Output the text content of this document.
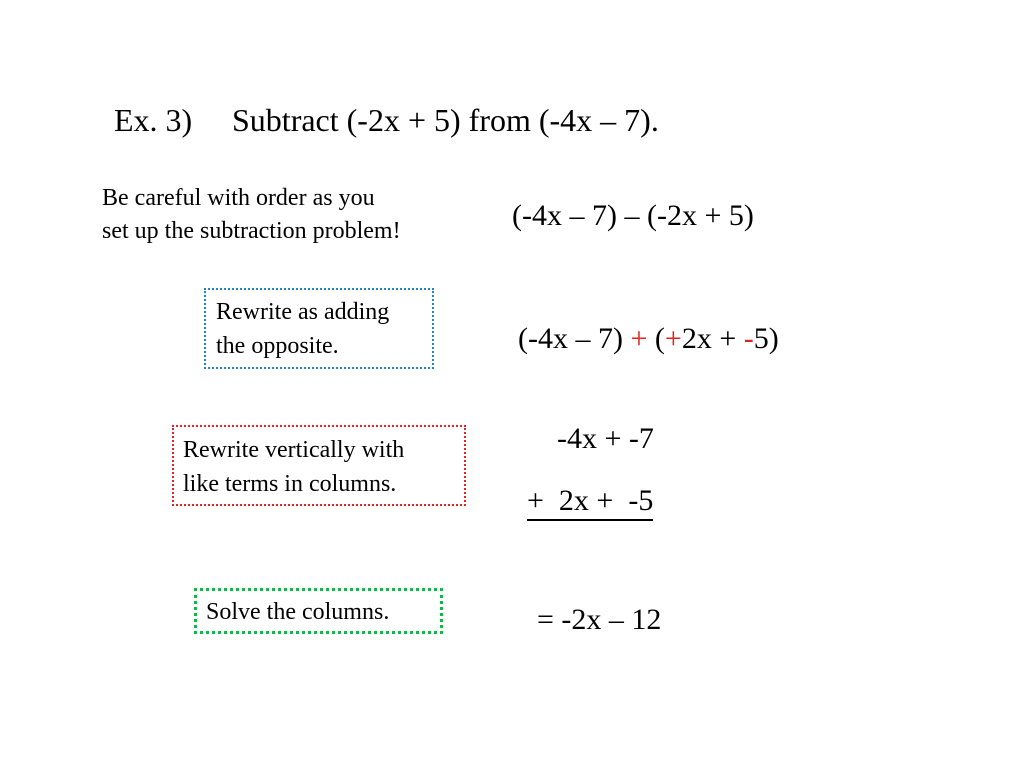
Ex. 3) Subtract (-2x + 5) from (-4x – 7).
Be careful with order as you
set up the subtraction problem!
Rewrite as adding
the opposite.
Rewrite vertically with
like terms in columns.
Solve the columns.
(-4x – 7) – (-2x + 5)
(-4x – 7) + (+2x + -5)
-4x + -7
+  2x +  -5
= -2x – 12
